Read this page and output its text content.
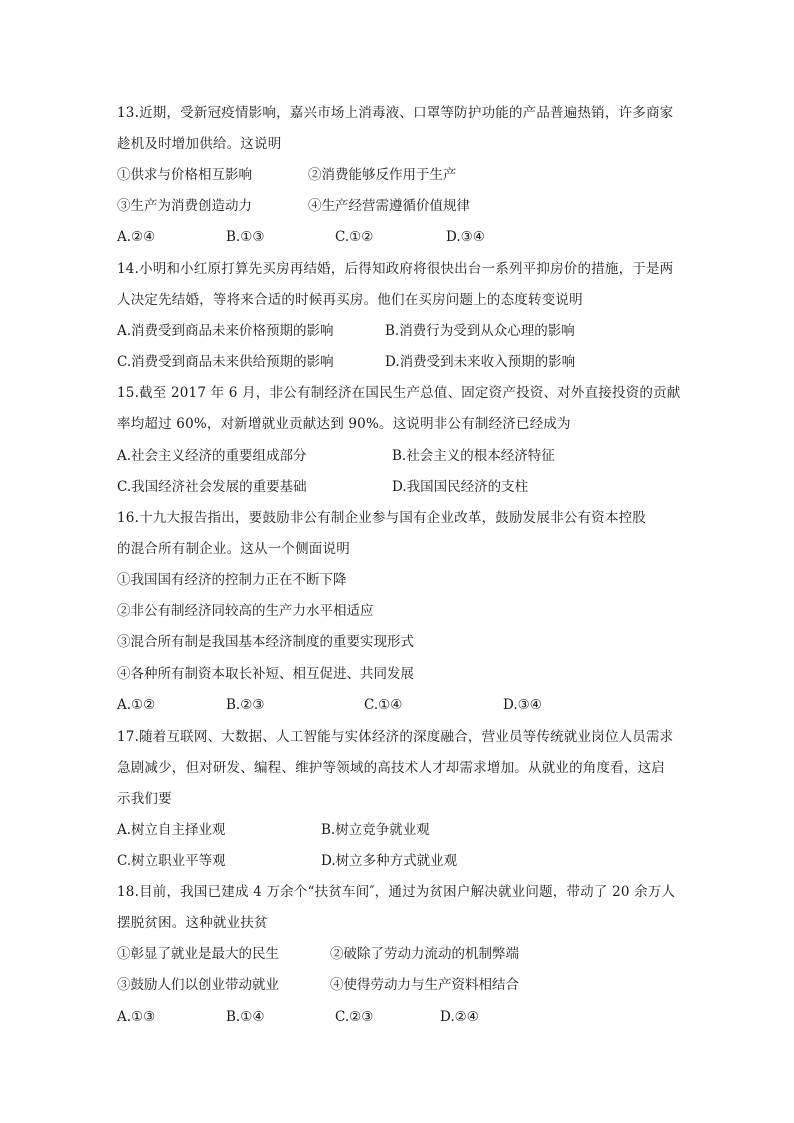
13.近期，受新冠疫情影响，嘉兴市场上消毒液、口罩等防护功能的产品普遍热销，许多商家
趁机及时增加供给。这说明
①供求与价格相互影响	②消费能够反作用于生产
③生产为消费创造动力	④生产经营需遵循价值规律
A.②④	B.①③	C.①②	D.③④
14.小明和小红原打算先买房再结婚，后得知政府将很快出台一系列平抑房价的措施，于是两
人决定先结婚，等将来合适的时候再买房。他们在买房问题上的态度转变说明
A.消费受到商品未来价格预期的影响	B.消费行为受到从众心理的影响
C.消费受到商品未来供给预期的影响	D.消费受到未来收入预期的影响
15.截至 2017 年 6 月，非公有制经济在国民生产总值、固定资产投资、对外直接投资的贡献
率均超过 60%，对新增就业贡献达到 90%。这说明非公有制经济已经成为
A.社会主义经济的重要组成部分	B.社会主义的根本经济特征
C.我国经济社会发展的重要基础	D.我国国民经济的支柱
16.十九大报告指出，要鼓励非公有制企业参与国有企业改革，鼓励发展非公有资本控股
的混合所有制企业。这从一个侧面说明
①我国国有经济的控制力正在不断下降
②非公有制经济同较高的生产力水平相适应
③混合所有制是我国基本经济制度的重要实现形式
④各种所有制资本取长补短、相互促进、共同发展
A.①②	B.②③	C.①④	D.③④
17.随着互联网、大数据、人工智能与实体经济的深度融合，营业员等传统就业岗位人员需求
急剧减少，但对研发、编程、维护等领域的高技术人才却需求增加。从就业的角度看，这启
示我们要
A.树立自主择业观	B.树立竞争就业观
C.树立职业平等观	D.树立多种方式就业观
18.目前，我国已建成 4 万余个“扶贫车间″，通过为贫困户解决就业问题，带动了 20 余万人
摆脱贫困。这种就业扶贫
①彰显了就业是最大的民生	②破除了劳动力流动的机制弊端
③鼓励人们以创业带动就业	④使得劳动力与生产资料相结合
A.①③	B.①④	C.②③	D.②④
